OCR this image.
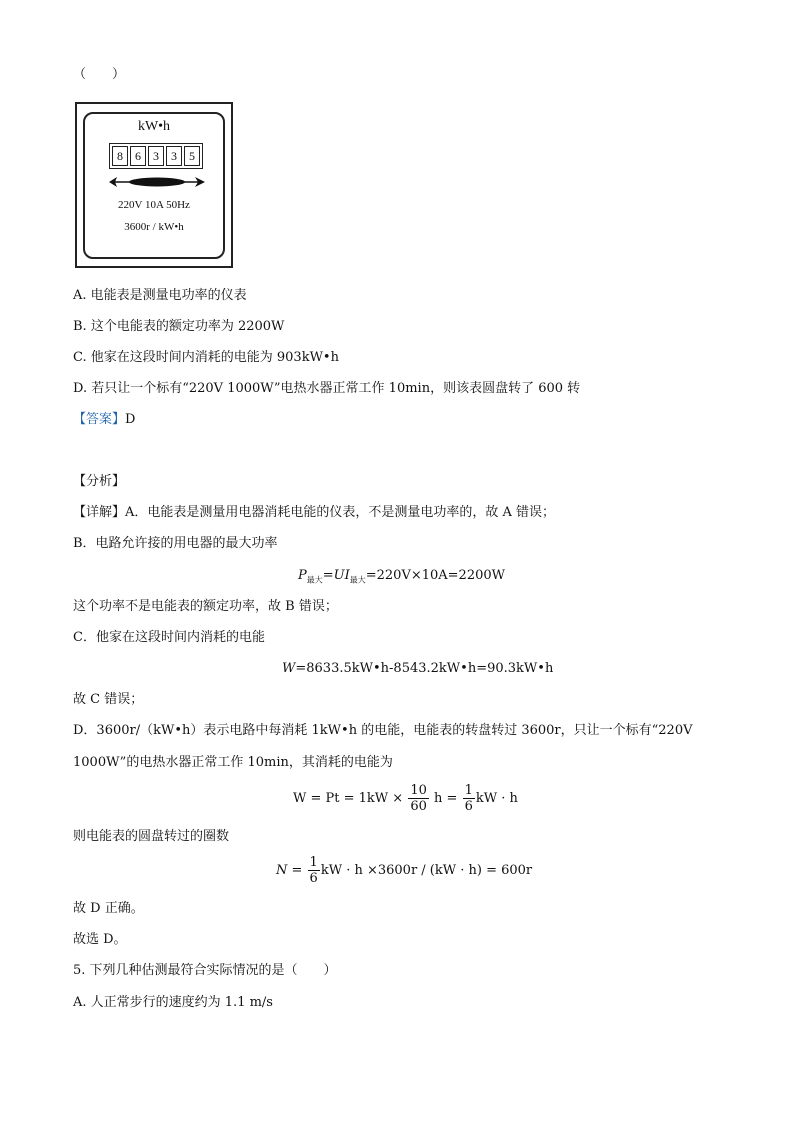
（　　）
kW•h
8	6	3	3	5
220V 10A 50Hz
3600r / kW•h
A. 电能表是测量电功率的仪表
B. 这个电能表的额定功率为 2200W
C. 他家在这段时间内消耗的电能为 903kW•h
D. 若只让一个标有“220V 1000W”电热水器正常工作 10min，则该表圆盘转了 600 转
【答案】D
【分析】
【详解】A．电能表是测量用电器消耗电能的仪表，不是测量电功率的，故 A 错误；
B．电路允许接的用电器的最大功率
$P_{最大}=UI_{最大}=220V\times 10A=2200W$
这个功率不是电能表的额定功率，故 B 错误；
C．他家在这段时间内消耗的电能
W=8633.5kW•h-8543.2kW•h=90.3kW•h
故 C 错误；
D．3600r/（kW•h）表示电路中每消耗 1kW•h 的电能，电能表的转盘转过 3600r，只让一个标有“220V
1000W”的电热水器正常工作 10min，其消耗的电能为
$W = Pt = 1kW \times \frac{10}{60}$ $h = \frac{1}{6}$ kW · h
则电能表的圆盘转过的圈数
$N = \frac{1}{6}$ kW · h ×3600r / (kW · h) = 600r
故 D 正确。
故选 D。
5. 下列几种估测最符合实际情况的是（　　）
A. 人正常步行的速度约为 1.1 m/s
